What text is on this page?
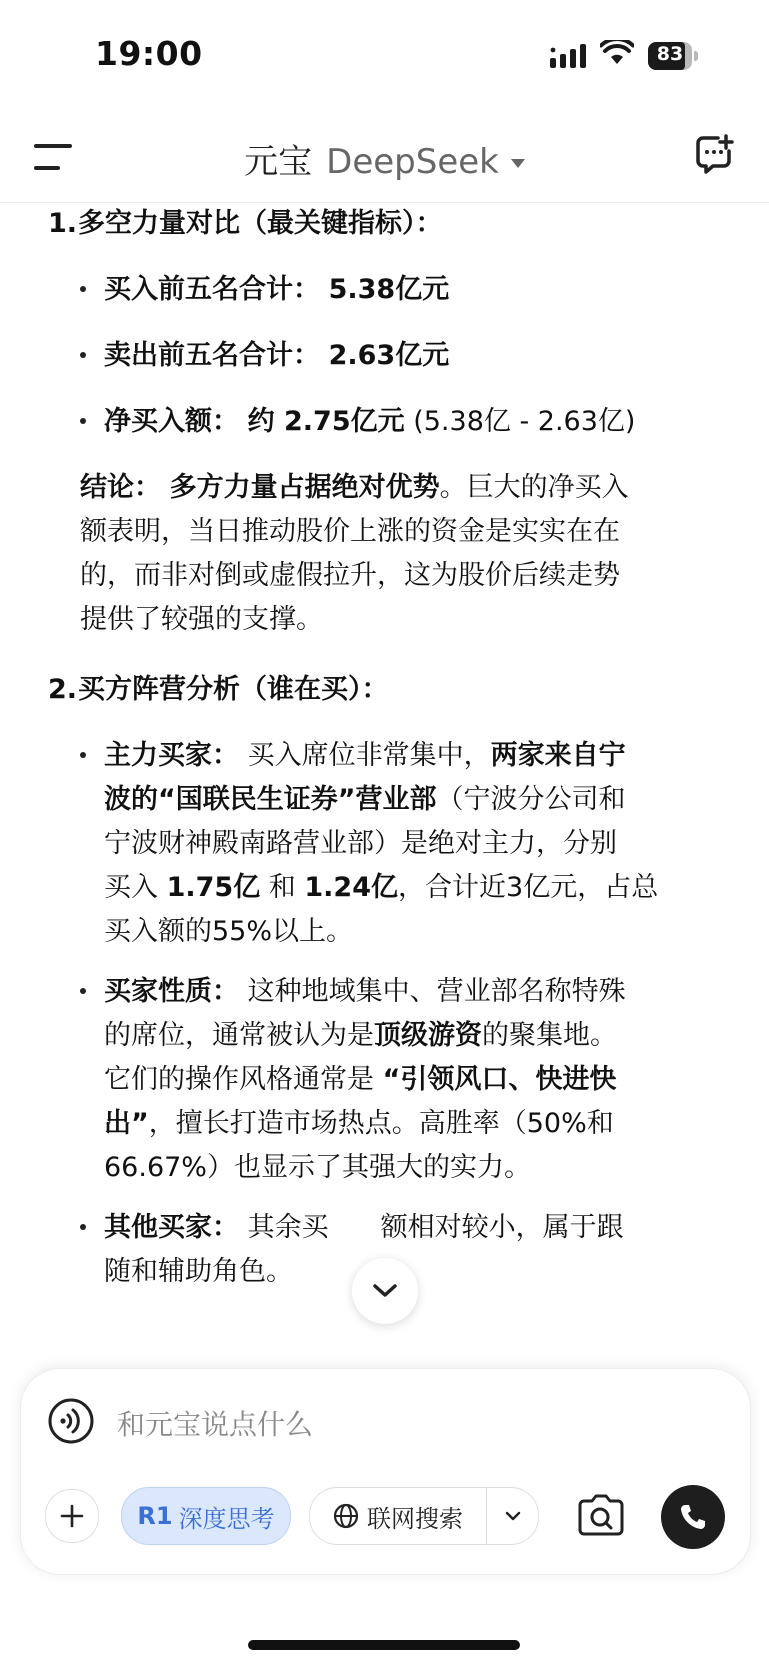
19:00	83
元宝 DeepSeek
1.多空力量对比（最关键指标）：
买入前五名合计： 5.38亿元
卖出前五名合计： 2.63亿元
净买入额： 约 2.75亿元 (5.38亿 - 2.63亿)
结论： 多方力量占据绝对优势。巨大的净买入
额表明，当日推动股价上涨的资金是实实在在
的，而非对倒或虚假拉升，这为股价后续走势
提供了较强的支撑。
2.买方阵营分析（谁在买）：
主力买家： 买入席位非常集中，两家来自宁
波的“国联民生证券”营业部（宁波分公司和
宁波财神殿南路营业部）是绝对主力，分别
买入 1.75亿 和 1.24亿，合计近3亿元，占总
买入额的55%以上。
买家性质： 这种地域集中、营业部名称特殊
的席位，通常被认为是顶级游资的聚集地。
它们的操作风格通常是 “引领风口、快进快
出”，擅长打造市场热点。高胜率（50%和
66.67%）也显示了其强大的实力。
其他买家： 其余买 额相对较小，属于跟
随和辅助角色。
和元宝说点什么
R1 深度思考	联网搜索
